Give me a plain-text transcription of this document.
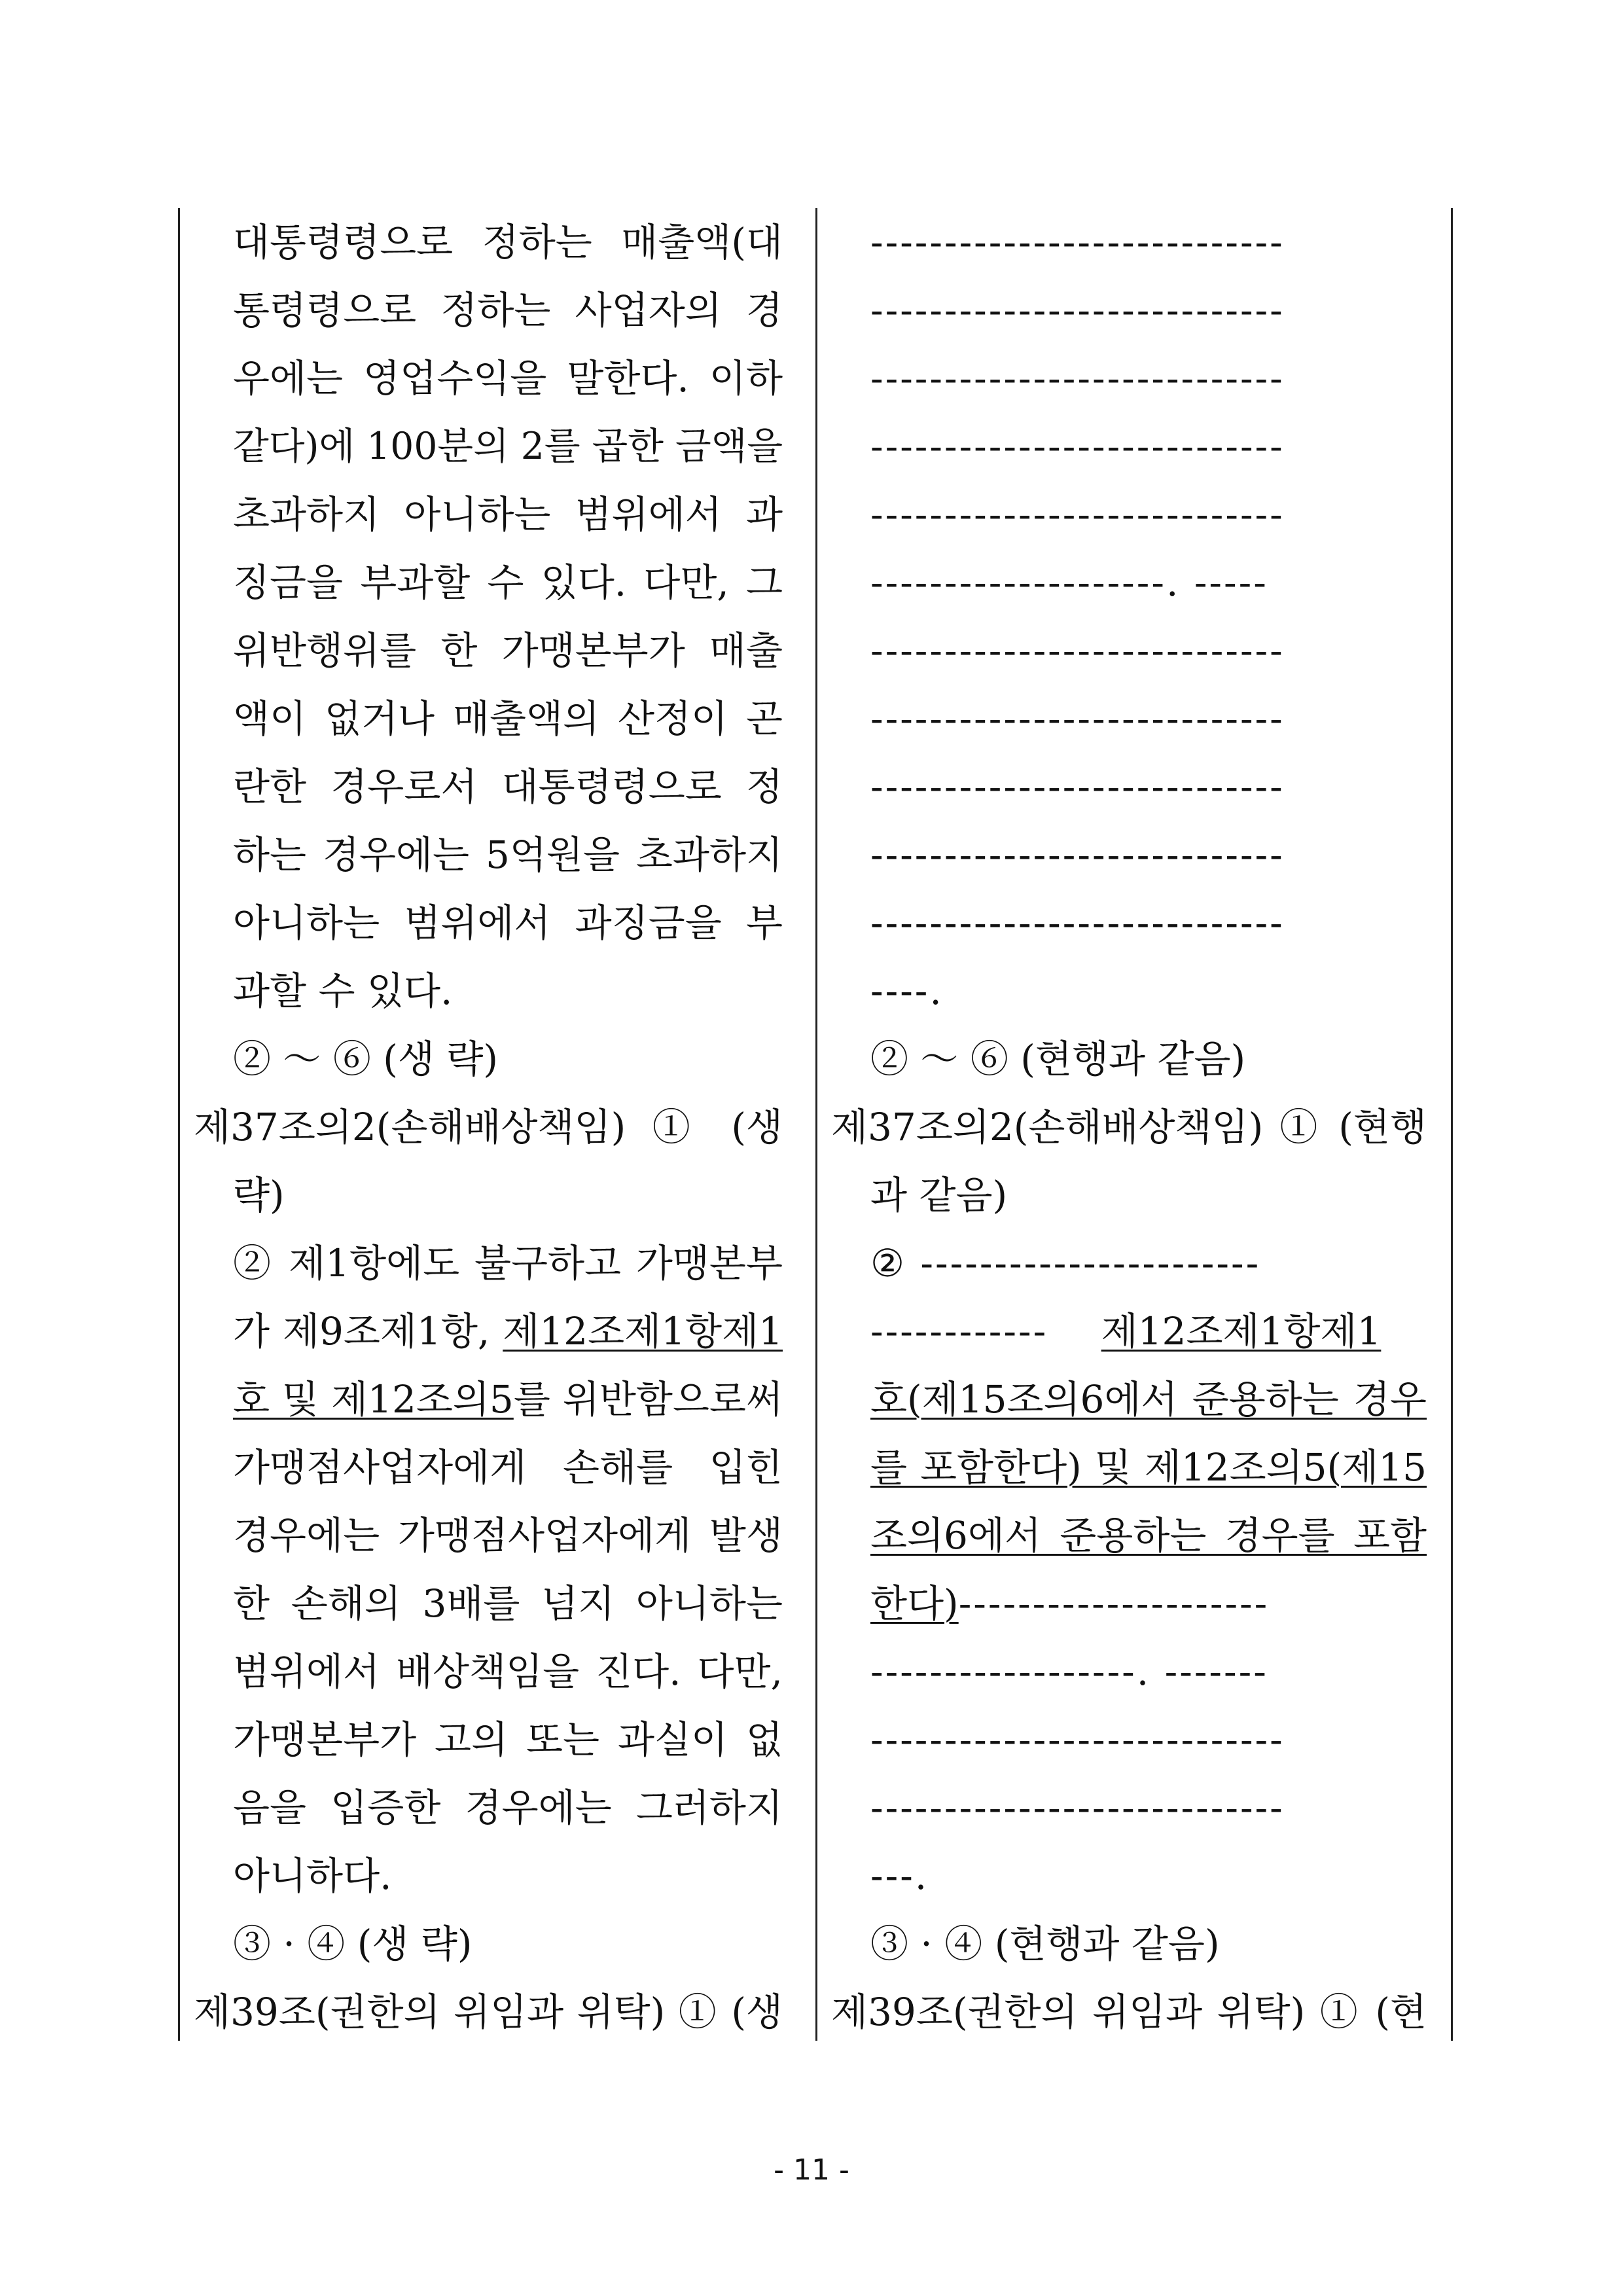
대통령령으로 정하는 매출액(대
통령령으로 정하는 사업자의 경
우에는 영업수익을 말한다. 이하
같다)에 100분의 2를 곱한 금액을
초과하지 아니하는 범위에서 과
징금을 부과할 수 있다. 다만, 그
위반행위를 한 가맹본부가 매출
액이 없거나 매출액의 산정이 곤
란한 경우로서 대통령령으로 정
하는 경우에는 5억원을 초과하지
아니하는 범위에서 과징금을 부
과할 수 있다.
② ～ ⑥ (생 략)
제37조의2(손해배상책임) ① (생
략)
② 제1항에도 불구하고 가맹본부
가 제9조제1항, 제12조제1항제1
호 및 제12조의5를 위반함으로써
가맹점사업자에게 손해를 입힌
경우에는 가맹점사업자에게 발생
한 손해의 3배를 넘지 아니하는
범위에서 배상책임을 진다. 다만,
가맹본부가 고의 또는 과실이 없
음을 입증한 경우에는 그러하지
아니하다.
③ · ④ (생 략)
제39조(권한의 위임과 위탁) ① (생
----------------------------
----------------------------
----------------------------
----------------------------
----------------------------
--------------------. -----
----------------------------
----------------------------
----------------------------
----------------------------
----------------------------
----.
② ～ ⑥ (현행과 같음)
제37조의2(손해배상책임) ① (현행
과 같음)
② -----------------------
------------ 제12조제1항제1
호(제15조의6에서 준용하는 경우
를 포함한다) 및 제12조의5(제15
조의6에서 준용하는 경우를 포함
한다)---------------------
------------------. -------
----------------------------
----------------------------
---.
③ · ④ (현행과 같음)
제39조(권한의 위임과 위탁) ① (현
- 11 -
